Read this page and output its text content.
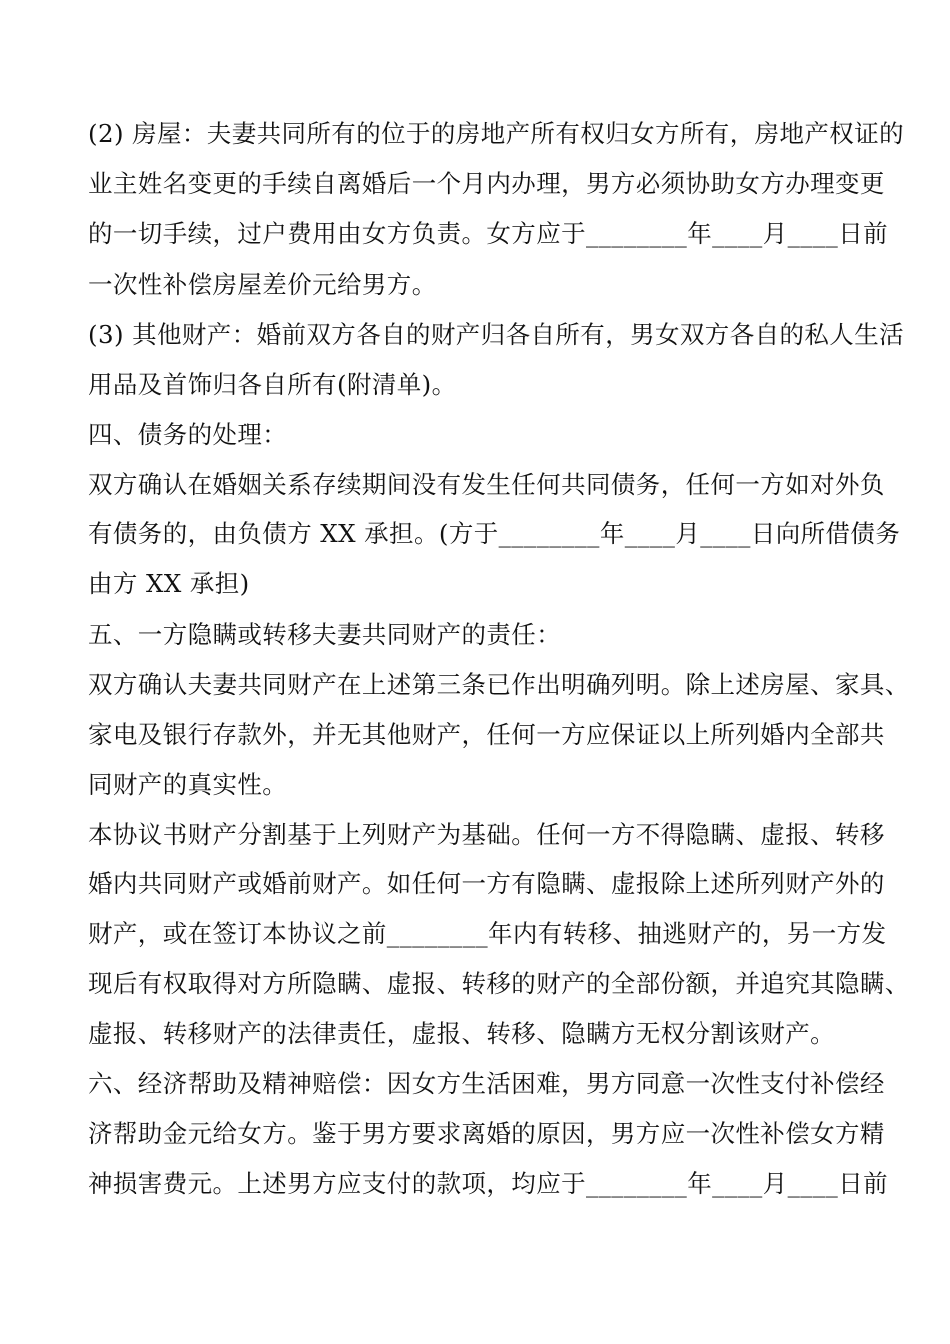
(2) 房屋：夫妻共同所有的位于的房地产所有权归女方所有，房地产权证的
业主姓名变更的手续自离婚后一个月内办理，男方必须协助女方办理变更
的一切手续，过户费用由女方负责。女方应于________年____月____日前
一次性补偿房屋差价元给男方。
(3) 其他财产：婚前双方各自的财产归各自所有，男女双方各自的私人生活
用品及首饰归各自所有(附清单)。
四、债务的处理：
双方确认在婚姻关系存续期间没有发生任何共同债务，任何一方如对外负
有债务的，由负债方 XX 承担。(方于________年____月____日向所借债务
由方 XX 承担)
五、一方隐瞒或转移夫妻共同财产的责任：
双方确认夫妻共同财产在上述第三条已作出明确列明。除上述房屋、家具、
家电及银行存款外，并无其他财产，任何一方应保证以上所列婚内全部共
同财产的真实性。
本协议书财产分割基于上列财产为基础。任何一方不得隐瞒、虚报、转移
婚内共同财产或婚前财产。如任何一方有隐瞒、虚报除上述所列财产外的
财产，或在签订本协议之前________年内有转移、抽逃财产的，另一方发
现后有权取得对方所隐瞒、虚报、转移的财产的全部份额，并追究其隐瞒、
虚报、转移财产的法律责任，虚报、转移、隐瞒方无权分割该财产。
六、经济帮助及精神赔偿：因女方生活困难，男方同意一次性支付补偿经
济帮助金元给女方。鉴于男方要求离婚的原因，男方应一次性补偿女方精
神损害费元。上述男方应支付的款项，均应于________年____月____日前
